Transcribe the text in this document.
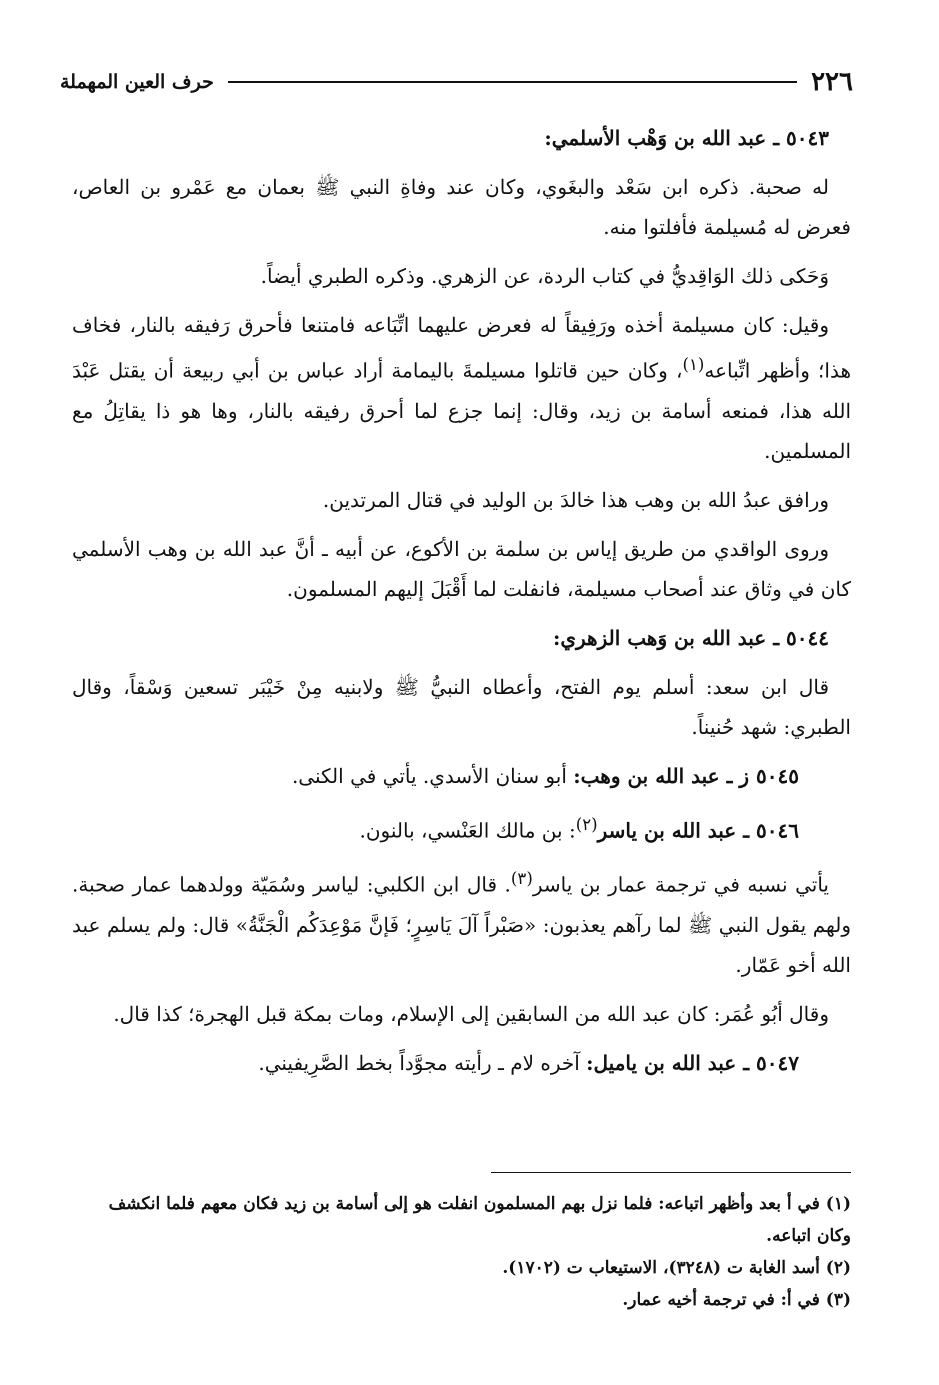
٢٢٦
حرف العين المهملة

٥٠٤٣ ـ عبد الله بن وَهْب الأسلمي:

له صحبة. ذكره ابن سَعْد والبغَوي، وكان عند وفاةِ النبي ﷺ بعمان مع عَمْرو بن العاص، فعرض له مُسيلمة فأفلتوا منه.

وَحَكى ذلك الوَاقِديُّ في كتاب الردة، عن الزهري. وذكره الطبري أيضاً.

وقيل: كان مسيلمة أخذه ورَفِيقاً له فعرض عليهما اتِّبَاعه فامتنعا فأحرق رَفيقه بالنار، فخاف هذا؛ وأظهر اتِّباعه$^{(١)}$، وكان حين قاتلوا مسيلمةَ باليمامة أراد عباس بن أبي ربيعة أن يقتل عَبْدَ الله هذا، فمنعه أسامة بن زيد، وقال: إنما جزع لما أحرق رفيقه بالنار، وها هو ذا يقاتِلُ مع المسلمين.

ورافق عبدُ الله بن وهب هذا خالدَ بن الوليد في قتال المرتدين.

وروى الواقدي من طريق إياس بن سلمة بن الأكوع، عن أبيه ـ أنَّ عبد الله بن وهب الأسلمي كان في وثاق عند أصحاب مسيلمة، فانفلت لما أَقْبَلَ إليهم المسلمون.

٥٠٤٤ ـ عبد الله بن وَهب الزهري:

قال ابن سعد: أسلم يوم الفتح، وأعطاه النبيُّ ﷺ ولابنيه مِنْ خَيْبَر تسعين وَسْقاً، وقال الطبري: شهد حُنيناً.

٥٠٤٥ ز ـ عبد الله بن وهب: أبو سنان الأسدي. يأتي في الكنى.

٥٠٤٦ ـ عبد الله بن ياسر$^{(٢)}$: بن مالك العَنْسي، بالنون.

يأتي نسبه في ترجمة عمار بن ياسر$^{(٣)}$. قال ابن الكلبي: لياسر وسُمَيّة وولدهما عمار صحبة. ولهم يقول النبي ﷺ لما رآهم يعذبون: «صَبْراً آلَ يَاسِرٍ؛ فَإنَّ مَوْعِدَكُم الْجَنَّةُ» قال: ولم يسلم عبد الله أخو عَمّار.

وقال أبُو عُمَر: كان عبد الله من السابقين إلى الإسلام، ومات بمكة قبل الهجرة؛ كذا قال.

٥٠٤٧ ـ عبد الله بن ياميل: آخره لام ـ رأيته مجوَّداً بخط الصَّرِيفيني.

(١) في أ بعد وأظهر اتباعه: فلما نزل بهم المسلمون انفلت هو إلى أسامة بن زيد فكان معهم فلما انكشف وكان اتباعه.

(٢) أسد الغابة ت (٣٢٤٨)، الاستيعاب ت (١٧٠٢).

(٣) في أ: في ترجمة أخيه عمار.
